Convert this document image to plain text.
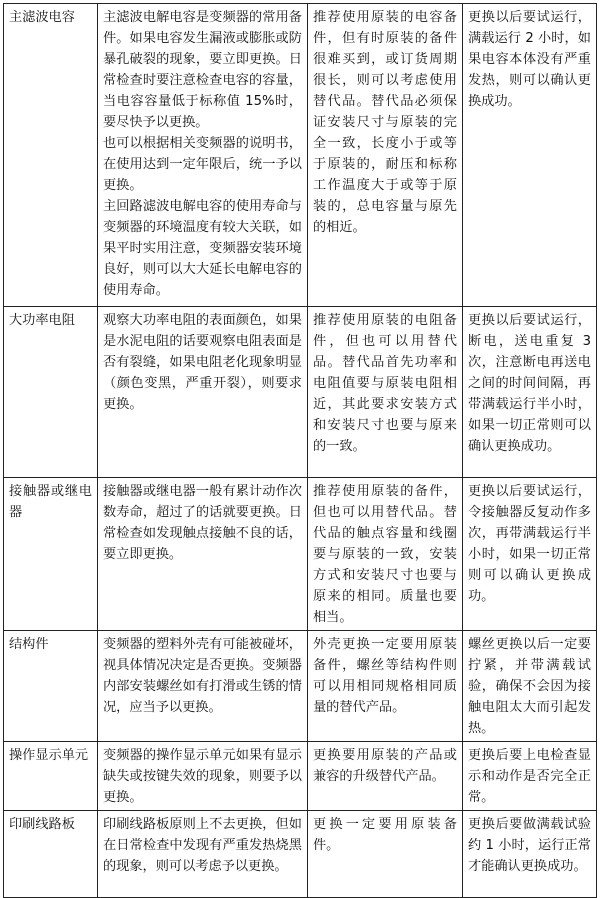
主滤波电容	主滤波电解电容是变频器的常用备件。如果电容发生漏液或膨胀或防暴孔破裂的现象，要立即更换。日常检查时要注意检查电容的容量，当电容容量低于标称值 15%时，要尽快予以更换。
也可以根据相关变频器的说明书，在使用达到一定年限后，统一予以更换。
主回路滤波电解电容的使用寿命与变频器的环境温度有较大关联，如果平时实用注意，变频器安装环境良好，则可以大大延长电解电容的使用寿命。	推荐使用原装的电容备件，但有时原装的备件很难买到，或订货周期很长，则可以考虑使用替代品。替代品必须保证安装尺寸与原装的完全一致，长度小于或等于原装的，耐压和标称工作温度大于或等于原装的，总电容量与原先的相近。	更换以后要试运行，满载运行 2 小时，如果电容本体没有严重发热，则可以确认更换成功。
大功率电阻	观察大功率电阻的表面颜色，如果是水泥电阻的话要观察电阻表面是否有裂缝，如果电阻老化现象明显（颜色变黑，严重开裂），则要求更换。	推荐使用原装的电阻备件，但也可以用替代品。替代品首先功率和电阻值要与原装电阻相近，其此要求安装方式和安装尺寸也要与原来的一致。	更换以后要试运行，断电，送电重复 3 次，注意断电再送电之间的时间间隔，再带满载运行半小时，如果一切正常则可以确认更换成功。
接触器或继电器	接触器或继电器一般有累计动作次数寿命，超过了的话就要更换。日常检查如发现触点接触不良的话，要立即更换。	推荐使用原装的备件，但也可以用替代品。替代品的触点容量和线圈要与原装的一致，安装方式和安装尺寸也要与原来的相同。质量也要相当。	更换以后要试运行，令接触器反复动作多次，再带满载运行半小时，如果一切正常则可以确认更换成功。
结构件	变频器的塑料外壳有可能被碰坏，视具体情况决定是否更换。变频器内部安装螺丝如有打滑或生锈的情况，应当予以更换。	外壳更换一定要用原装备件，螺丝等结构件则可以用相同规格相同质量的替代产品。	螺丝更换以后一定要拧紧，并带满载试验，确保不会因为接触电阻太大而引起发热。
操作显示单元	变频器的操作显示单元如果有显示缺失或按键失效的现象，则要予以更换。	更换要用原装的产品或兼容的升级替代产品。	更换后要上电检查显示和动作是否完全正常。
印刷线路板	印刷线路板原则上不去更换，但如在日常检查中发现有严重发热烧黑的现象，则可以考虑予以更换。	更换一定要用原装备件。	更换后要做满载试验约 1 小时，运行正常才能确认更换成功。
